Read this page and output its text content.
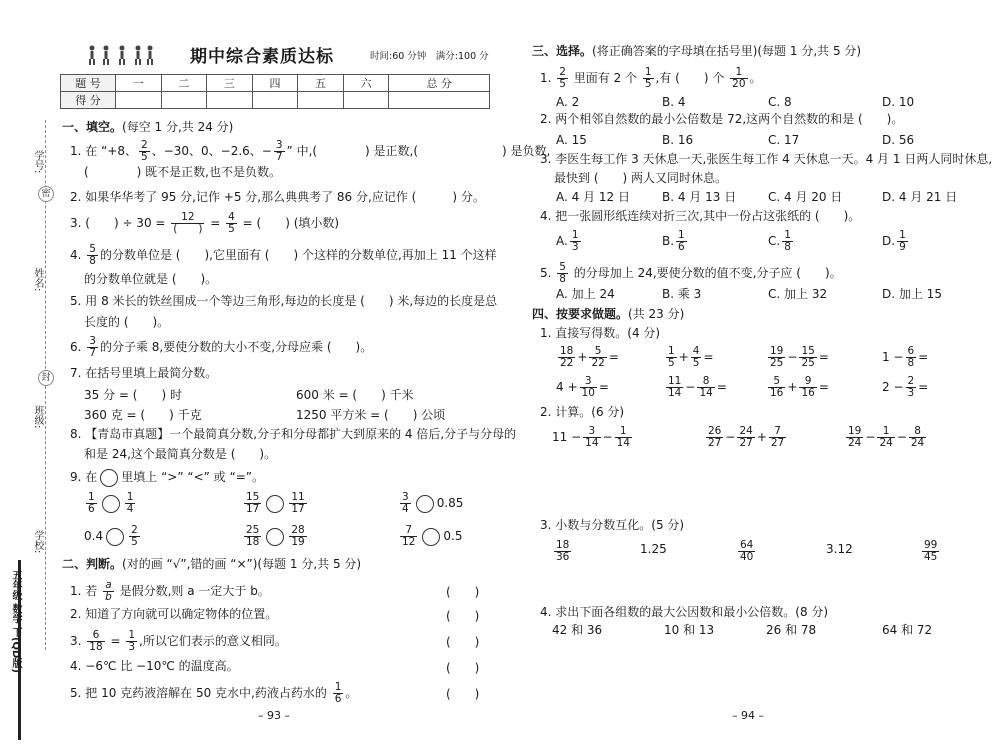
学号:
姓名:
班级:
学校:
密
封
五年级 数学 下(QD版)
期中综合素质达标	时间:60 分钟　满分:100 分
题 号	一	二	三	四	五	六	总 分
得 分							
一、填空。(每空 1 分,共 24 分)
1. 在 “+8、 $\frac{2}{5}$ 、−30、0、−2.6、− $\frac{3}{7}$ ” 中,(　　　　) 是正数,(　　　　　　　) 是负数,
(　　　　) 既不是正数,也不是负数。
2. 如果华华考了 95 分,记作 +5 分,那么典典考了 86 分,应记作 (　　　) 分。
3. (　　) ÷ $30 = \frac{12}{( )} = \frac{4}{5}$ = (　　) (填小数)
4. $\frac{5}{8}$ 的分数单位是 (　　),它里面有 (　　) 个这样的分数单位,再加上 11 个这样
的分数单位就是 (　　)。
5. 用 8 米长的铁丝围成一个等边三角形,每边的长度是 (　　) 米,每边的长度是总
长度的 (　　)。
6. $\frac{3}{7}$ 的分子乘 8,要使分数的大小不变,分母应乘 (　　)。
7. 在括号里填上最简分数。
35 分 = (　　) 时	600 米 = (　　) 千米
360 克 = (　　) 千克	1250 平方米 = (　　) 公顷
8. 【青岛市真题】一个最简真分数,分子和分母都扩大到原来的 4 倍后,分子与分母的
和是 24,这个最简真分数是 (　　)。
9. 在 里填上 “>” “<” 或 “=”。
$\frac{1}{6}$	$\frac{1}{4}$	$\frac{15}{17}$	$\frac{11}{17}$	$\frac{3}{4} 0.85$
$0.4 \frac{2}{5}$	$\frac{25}{18}$	$\frac{28}{19}$	$\frac{7}{12} 0.5$
二、判断。(对的画 “√”,错的画 “×”)(每题 1 分,共 5 分)
1. 若 $\frac{a}{b}$ 是假分数,则 a 一定大于 b。
2. 知道了方向就可以确定物体的位置。
3. $\frac{6}{18} = \frac{1}{3}$ ,所以它们表示的意义相同。
4. −6℃ 比 −10℃ 的温度高。
5. 把 10 克药液溶解在 50 克水中,药液占药水的 $\frac{1}{6}$ 。
(　　)
(　　)
(　　)
(　　)
(　　)
– 93 –
三、选择。(将正确答案的字母填在括号里)(每题 1 分,共 5 分)
1. $\frac{2}{5}$ 里面有 2 个 $\frac{1}{5}$ ,有 (　　) 个 $\frac{1}{20}$ 。
A. 2	B. 4	C. 8	D. 10
2. 两个相邻自然数的最小公倍数是 72,这两个自然数的和是 (　　)。
A. 15	B. 16	C. 17	D. 56
3. 李医生每工作 3 天休息一天,张医生每工作 4 天休息一天。4 月 1 日两人同时休息,
最快到 (　　) 两人又同时休息。
A. 4 月 12 日	B. 4 月 13 日	C. 4 月 20 日	D. 4 月 21 日
4. 把一张圆形纸连续对折三次,其中一份占这张纸的 (　　)。
A. $\frac{1}{3}$	B. $\frac{1}{6}$	C. $\frac{1}{8}$	D. $\frac{1}{9}$
5. $\frac{5}{8}$ 的分母加上 24,要使分数的值不变,分子应 (　　)。
A. 加上 24	B. 乘 3	C. 加上 32	D. 加上 15
四、按要求做题。(共 23 分)
1. 直接写得数。(4 分)
$\frac{18}{22} + \frac{5}{22}$ =	$\frac{1}{5} + \frac{4}{5}$ =	$\frac{19}{25} - \frac{15}{25}$ =	$1 - \frac{6}{8}$ =
$4 + \frac{3}{10}$ =	$\frac{11}{14} - \frac{8}{14}$ =	$\frac{5}{16} + \frac{9}{16}$ =	$2 - \frac{2}{3}$ =
2. 计算。(6 分)
$11 - \frac{3}{14} - \frac{1}{14}$	$\frac{26}{27} - \frac{24}{27} + \frac{7}{27}$	$\frac{19}{24} - \frac{1}{24} - \frac{8}{24}$
3. 小数与分数互化。(5 分)
$\frac{18}{36}$	1.25	$\frac{64}{40}$	3.12	$\frac{99}{45}$
4. 求出下面各组数的最大公因数和最小公倍数。(8 分)
42 和 36	10 和 13	26 和 78	64 和 72
– 94 –
